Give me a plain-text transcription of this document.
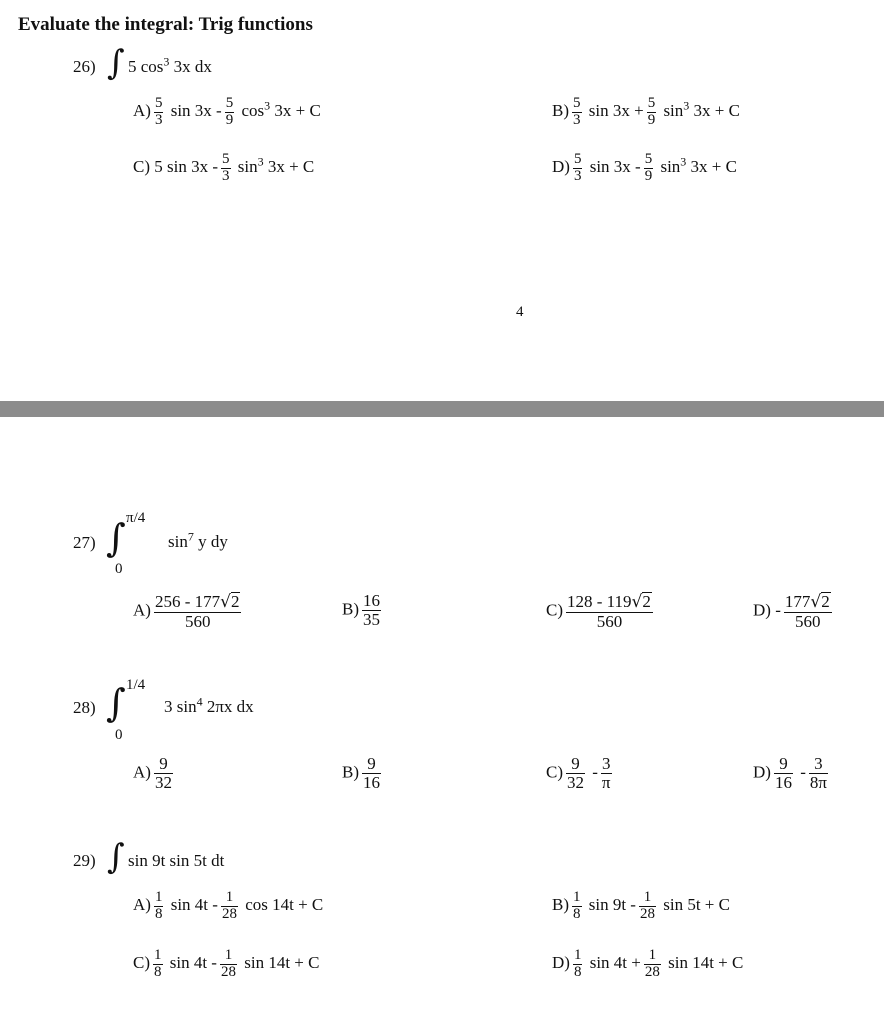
Evaluate the integral: Trig functions
26) ∫ 5 $\cos^3 3x$ dx
$A) \frac{5}{3}$ $\sin 3x - \frac{5}{9} \cos^3 3x + C$	$B) \frac{5}{3}$ $\sin 3x + \frac{5}{9} \sin^3 3x + C$
C) 5 $\sin 3x - \frac{5}{3} \sin^3 3x + C$	$D) \frac{5}{3}$ $\sin 3x - \frac{5}{9} \sin^3 3x + C$
4
27) ∫ π/4
0
$\sin^7 y$ dy
$A) \frac{256 - 177√2}{560}$	$B) \frac{16}{35}$	$C) \frac{128 - 119√2}{560}$	$D) - \frac{177√2}{560}$
28) ∫ 1/4
0
3 $\sin^4 2\pi x$ dx
$A) \frac{9}{32}$	$B) \frac{9}{16}$	$C) \frac{9}{32} - \frac{3}{\pi}$	$D) \frac{9}{16} - \frac{3}{8\pi}$
29) ∫ sin 9t sin 5t dt
$A) \frac{1}{8}$ $\sin 4t - \frac{1}{28}$ cos 14t + C	$B) \frac{1}{8}$ $\sin 9t - \frac{1}{28}$ sin 5t + C
$C) \frac{1}{8}$ $\sin 4t - \frac{1}{28}$ sin 14t + C	$D) \frac{1}{8}$ $\sin 4t + \frac{1}{28}$ sin 14t + C
